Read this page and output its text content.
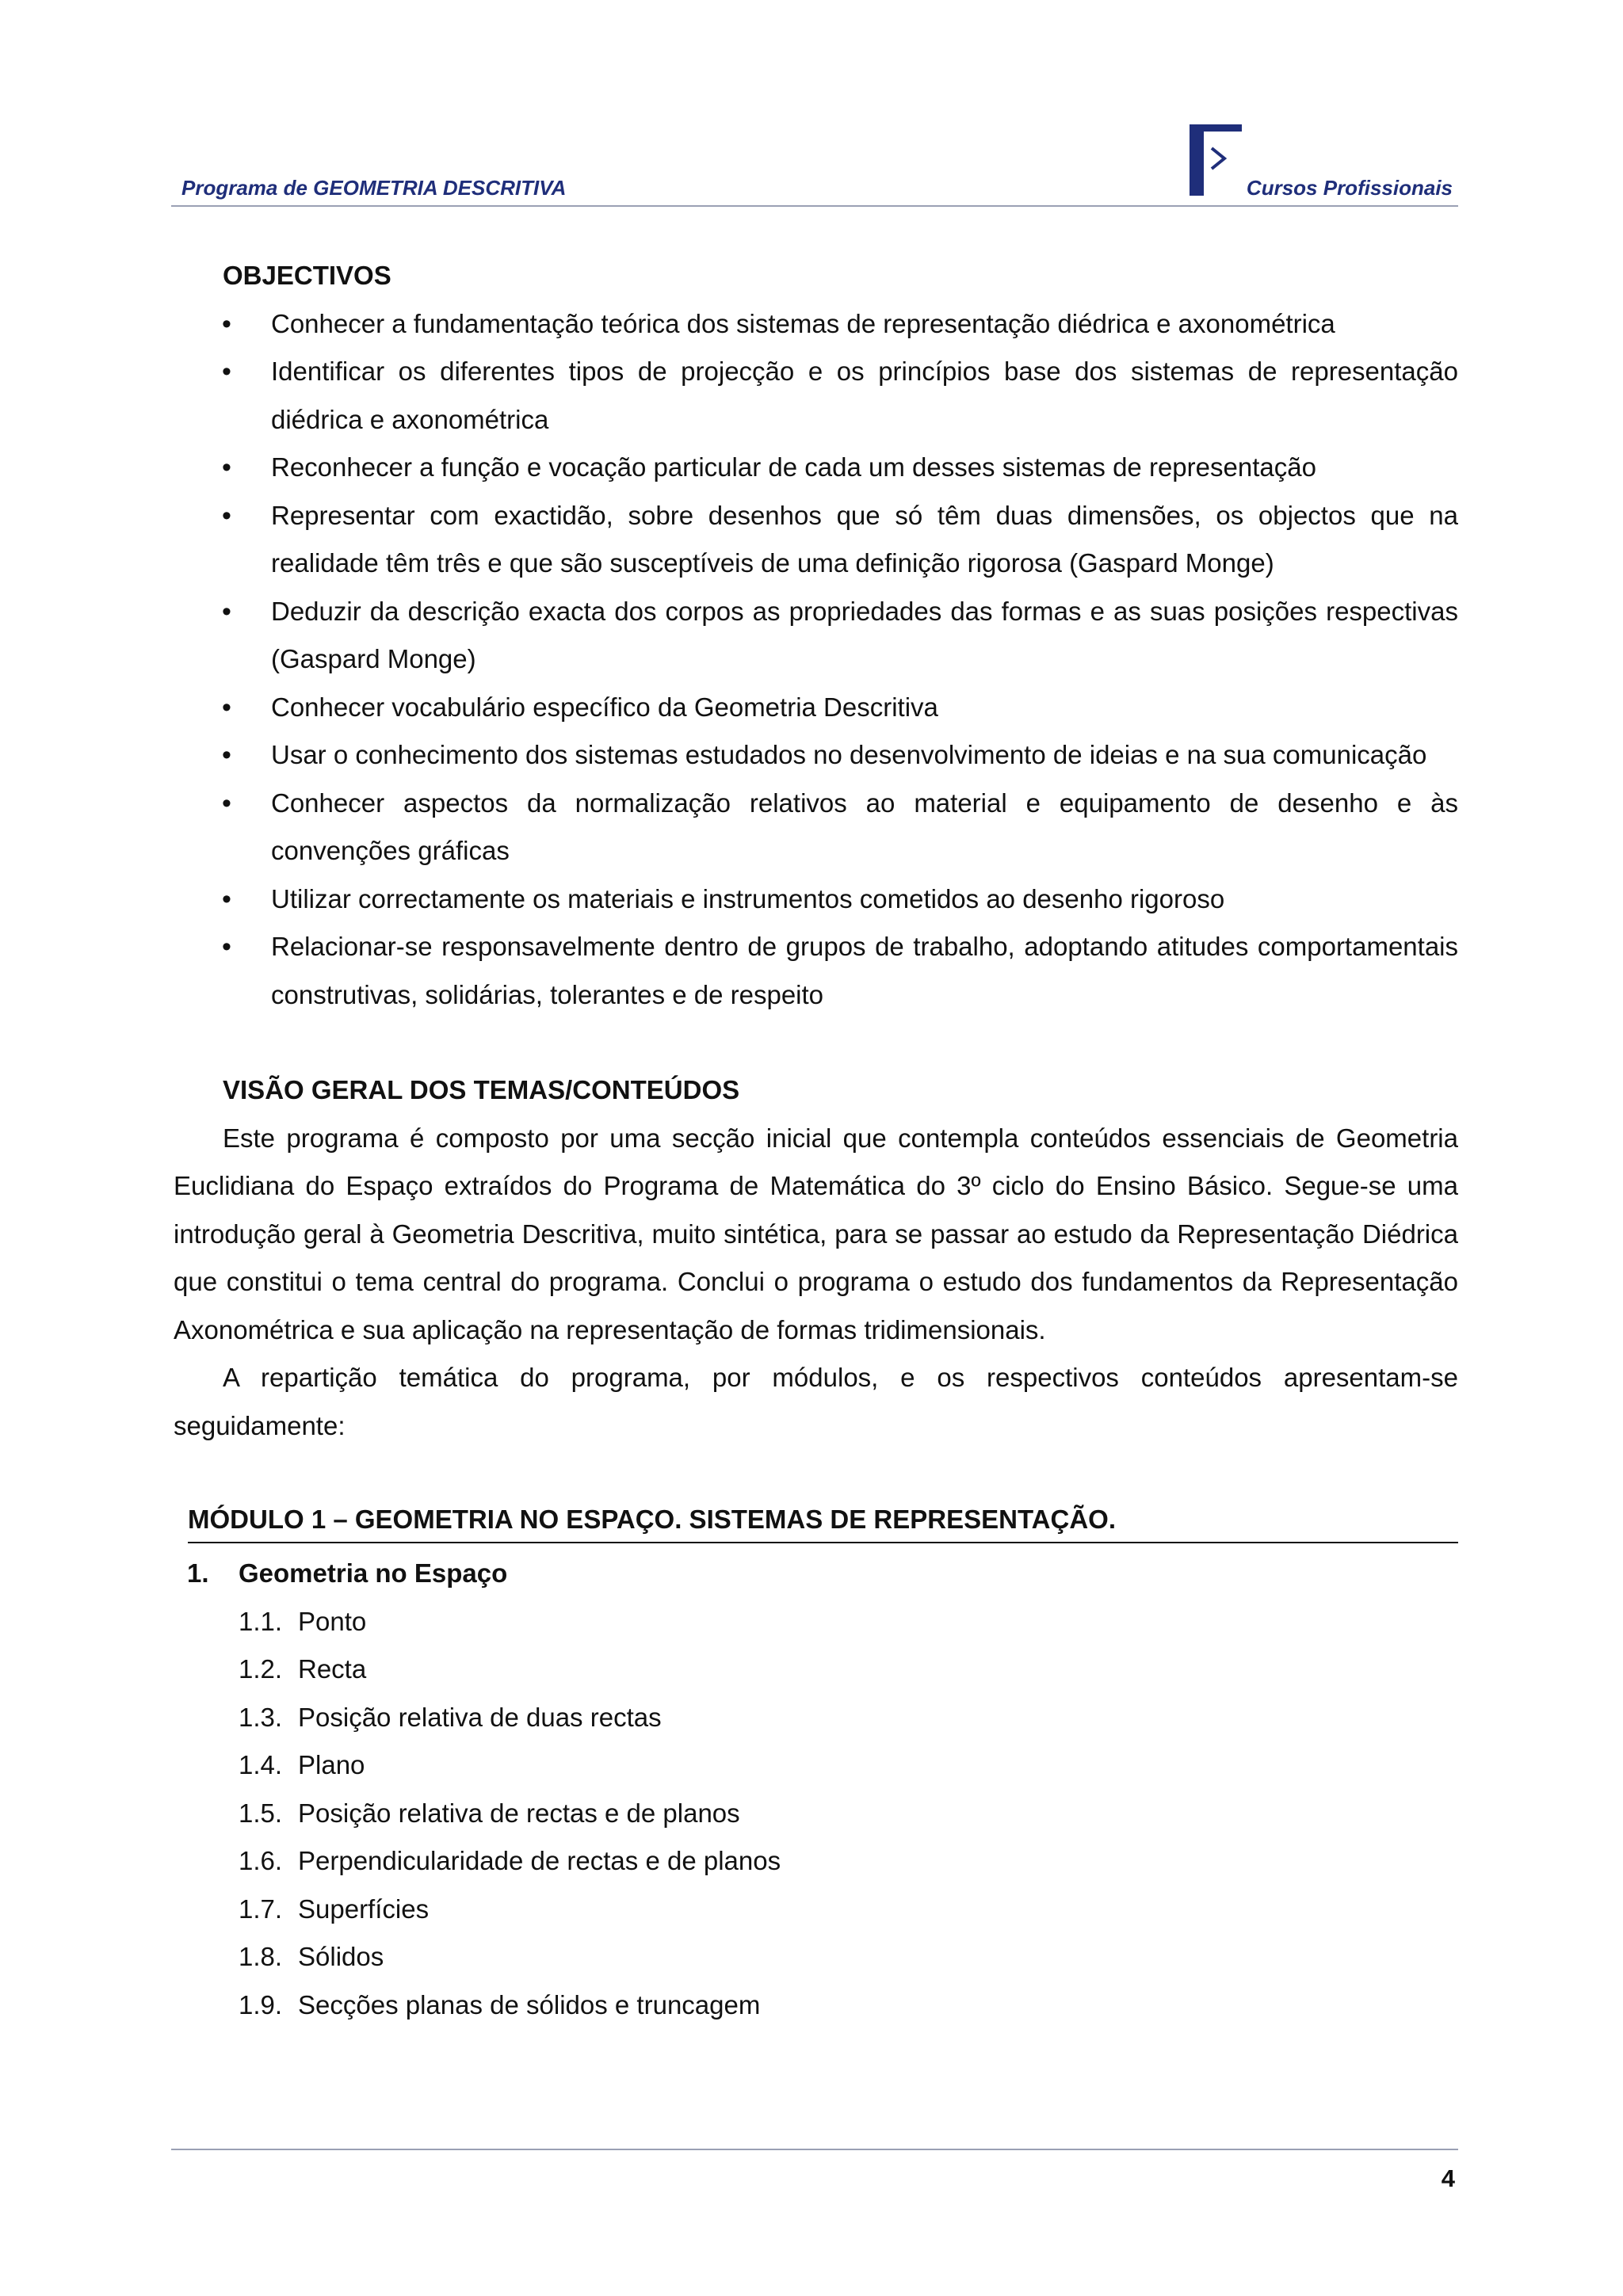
Programa de GEOMETRIA DESCRITIVA	Cursos Profissionais
OBJECTIVOS
• Conhecer a fundamentação teórica dos sistemas de representação diédrica e axonométrica
• Identificar os diferentes tipos de projecção e os princípios base dos sistemas de representação diédrica e axonométrica
• Reconhecer a função e vocação particular de cada um desses sistemas de representação
• Representar com exactidão, sobre desenhos que só têm duas dimensões, os objectos que na realidade têm três e que são susceptíveis de uma definição rigorosa (Gaspard Monge)
• Deduzir da descrição exacta dos corpos as propriedades das formas e as suas posições respectivas (Gaspard Monge)
• Conhecer vocabulário específico da Geometria Descritiva
• Usar o conhecimento dos sistemas estudados no desenvolvimento de ideias e na sua comunicação
• Conhecer aspectos da normalização relativos ao material e equipamento de desenho e às convenções gráficas
• Utilizar correctamente os materiais e instrumentos cometidos ao desenho rigoroso
• Relacionar-se responsavelmente dentro de grupos de trabalho, adoptando atitudes comportamentais construtivas, solidárias, tolerantes e de respeito
VISÃO GERAL DOS TEMAS/CONTEÚDOS

Este programa é composto por uma secção inicial que contempla conteúdos essenciais de Geometria Euclidiana do Espaço extraídos do Programa de Matemática do 3º ciclo do Ensino Básico. Segue-se uma introdução geral à Geometria Descritiva, muito sintética, para se passar ao estudo da Representação Diédrica que constitui o tema central do programa. Conclui o programa o estudo dos fundamentos da Representação Axonométrica e sua aplicação na representação de formas tridimensionais.

A repartição temática do programa, por módulos, e os respectivos conteúdos apresentam-se seguidamente:

MÓDULO 1 – GEOMETRIA NO ESPAÇO. SISTEMAS DE REPRESENTAÇÃO.
1. Geometria no Espaço
1.1. Ponto
1.2. Recta
1.3. Posição relativa de duas rectas
1.4. Plano
1.5. Posição relativa de rectas e de planos
1.6. Perpendicularidade de rectas e de planos
1.7. Superfícies
1.8. Sólidos
1.9. Secções planas de sólidos e truncagem
4
